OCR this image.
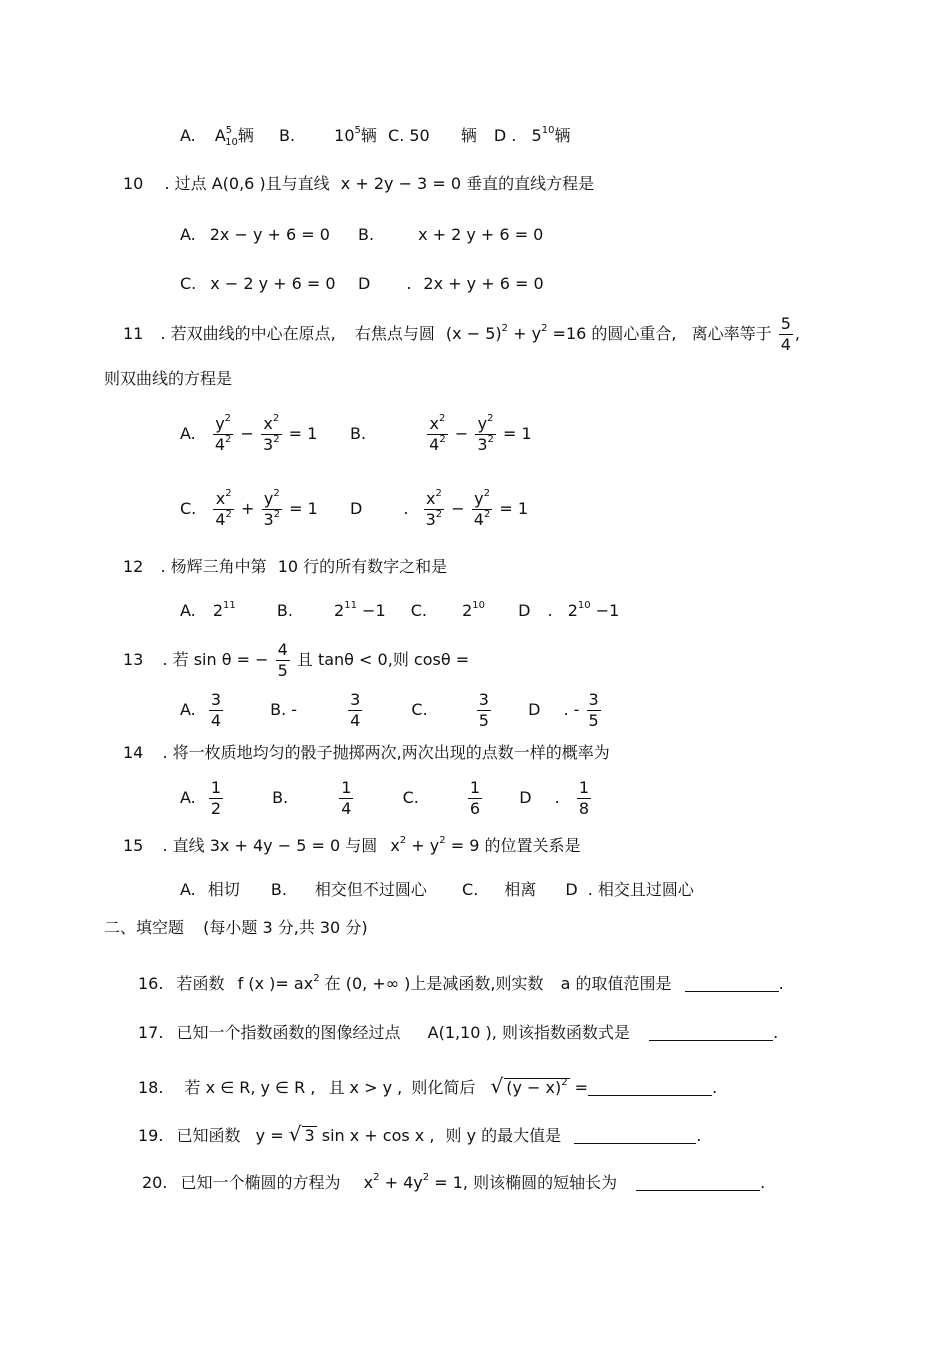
A. $A^5_{10}$辆 B. $10^5$辆 C. 50 辆 D . $5^{10}$辆
10 . 过点 A(0,6 )且与直线 x + 2y − 3 = 0 垂直的直线方程是
A. 2x − y + 6 = 0 B.	x + 2 y + 6 = 0
C. x − 2 y + 6 = 0 D . 2x + y + 6 = 0
11 . 若双曲线的中心在原点, 右焦点与圆 $(x - 5)^2 + y^2 =16$ 的圆心重合, 离心率等于 $\frac{5}{4}$ ,
则双曲线的方程是
A. $\frac{y^2}{4^2} - \frac{x^2}{3^2} = 1$ B.	$\frac{x^2}{4^2} - \frac{y^2}{3^2} = 1$
C. $\frac{x^2}{4^2} + \frac{y^2}{3^2} = 1$ D	. $\frac{x^2}{3^2} - \frac{y^2}{4^2} = 1$
12 . 杨辉三角中第 10 行的所有数字之和是
A. $2^{11}$	B.	$2^{11} -1$ C. $2^{10}$ D . $2^{10} -1$
13 . 若 sin θ = − $\frac{4}{5}$ 且 tanθ < 0,则 cosθ =
A. $\frac{3}{4}$	B. -	$\frac{3}{4}$	C.	$\frac{3}{5}$ D . - $\frac{3}{5}$
14 . 将一枚质地均匀的骰子抛掷两次,两次出现的点数一样的概率为
A. $\frac{1}{2}$	B.	$\frac{1}{4}$	C.	$\frac{1}{6}$ D . $\frac{1}{8}$
15 . 直线 3x + 4y − 5 = 0 与圆 $x^2 + y^2 = 9$ 的位置关系是
A. 相切 B. 相交但不过圆心 C. 相离 D . 相交且过圆心
二、填空题 (每小题 3 分,共 30 分)
16. 若函数 f (x )= $ax^2$ 在 (0, +∞ )上是减函数,则实数 a 的取值范围是	.
17. 已知一个指数函数的图像经过点 A(1,10 ), 则该指数函数式是	.
18. 若 x ∈ R, y ∈ R , 且 x > y , 则化简后 √ $(y - x)^2$ =	.
19. 已知函数 y = √ 3 sin x + cos x , 则 y 的最大值是	.
20. 已知一个椭圆的方程为 $x^2 + 4y^2 = 1$, 则该椭圆的短轴长为	.
